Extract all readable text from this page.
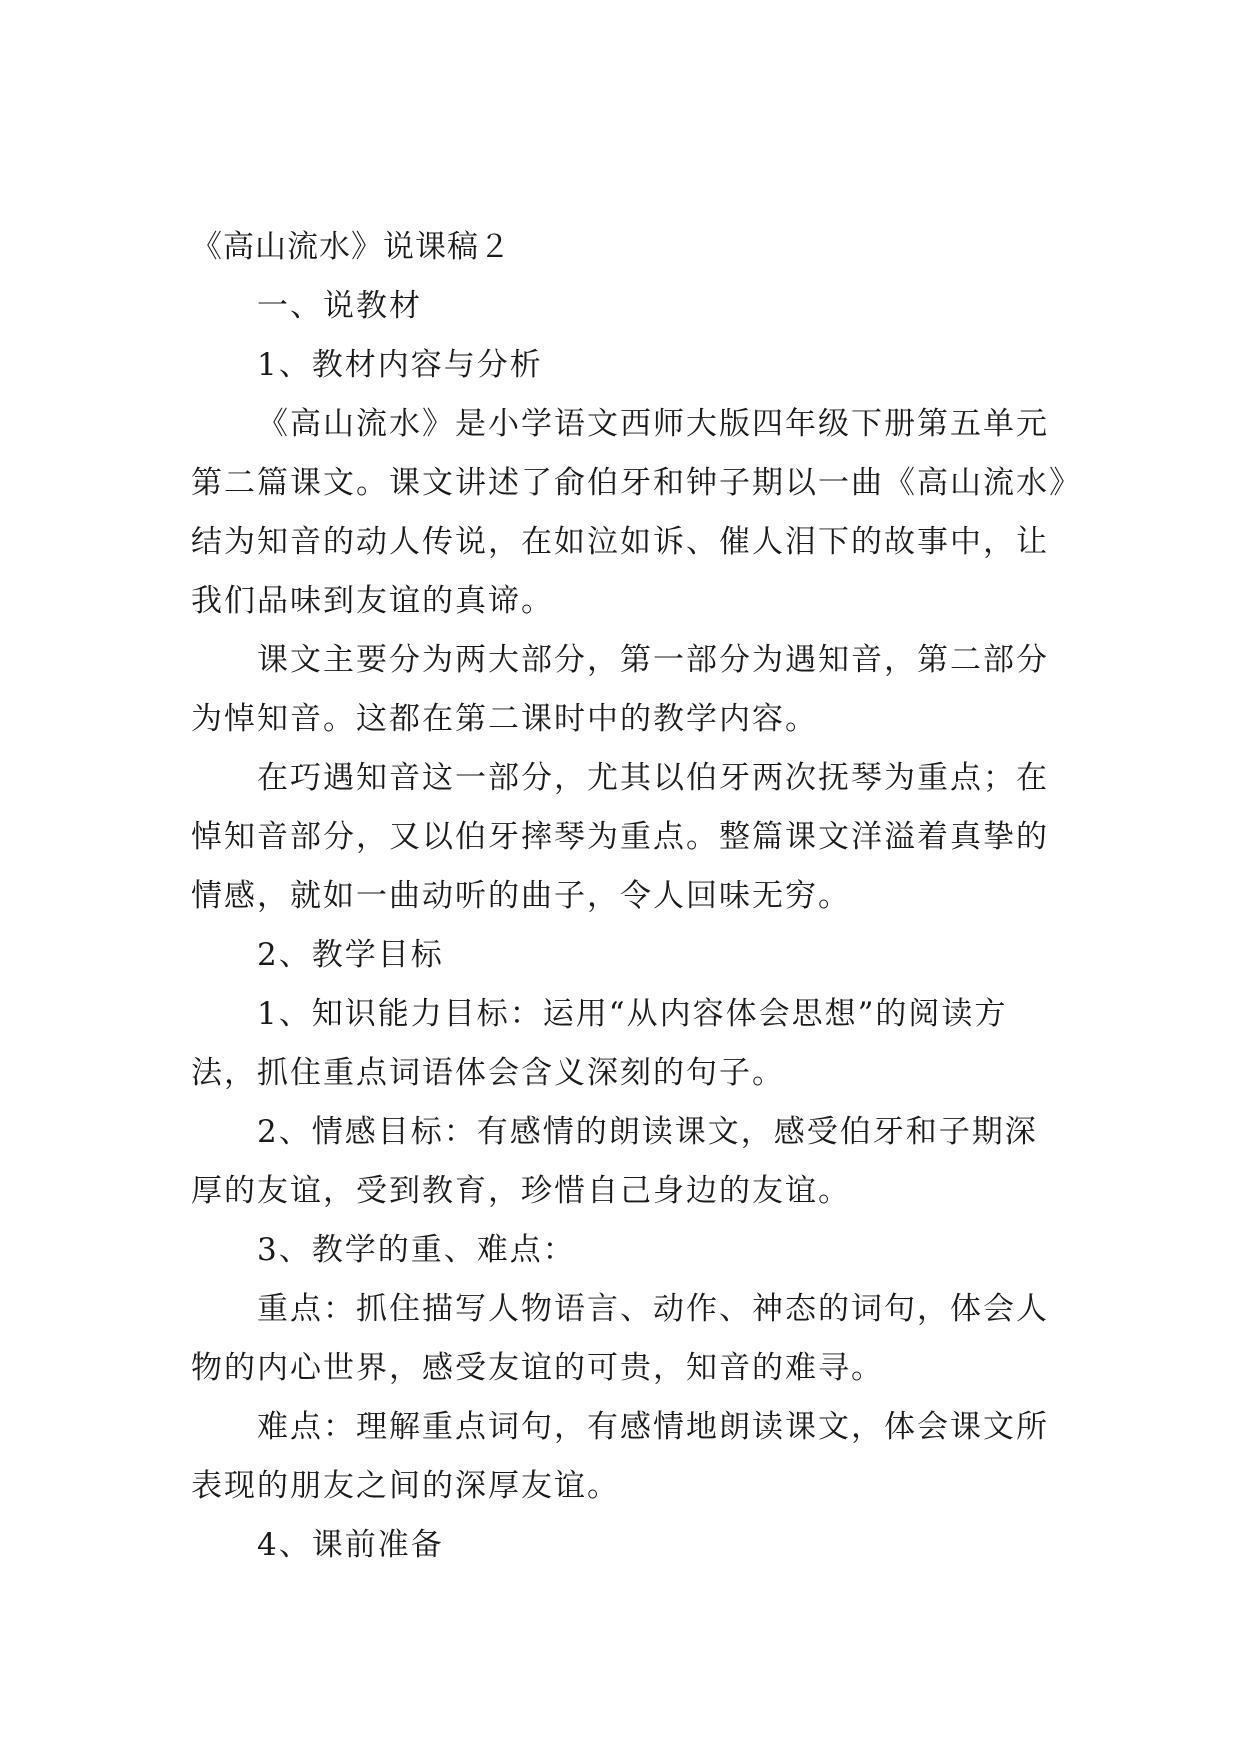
《高山流水》说课稿２

一、说教材

1、教材内容与分析

《高山流水》是小学语文西师大版四年级下册第五单元

第二篇课文。课文讲述了俞伯牙和钟子期以一曲《高山流水》

结为知音的动人传说，在如泣如诉、催人泪下的故事中，让

我们品味到友谊的真谛。

课文主要分为两大部分，第一部分为遇知音，第二部分

为悼知音。这都在第二课时中的教学内容。

在巧遇知音这一部分，尤其以伯牙两次抚琴为重点；在

悼知音部分，又以伯牙摔琴为重点。整篇课文洋溢着真挚的

情感，就如一曲动听的曲子，令人回味无穷。

2、教学目标

1、知识能力目标：运用“从内容体会思想”的阅读方

法，抓住重点词语体会含义深刻的句子。

2、情感目标：有感情的朗读课文，感受伯牙和子期深

厚的友谊，受到教育，珍惜自己身边的友谊。

3、教学的重、难点：

重点：抓住描写人物语言、动作、神态的词句，体会人

物的内心世界，感受友谊的可贵，知音的难寻。

难点：理解重点词句，有感情地朗读课文，体会课文所

表现的朋友之间的深厚友谊。

4、课前准备
